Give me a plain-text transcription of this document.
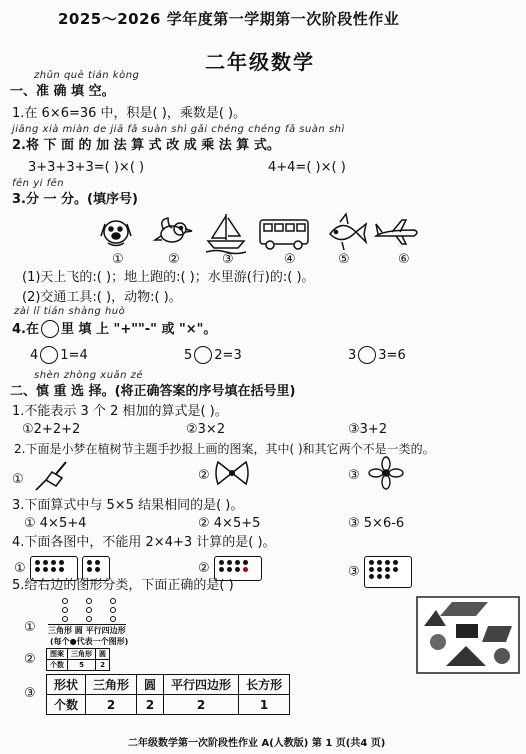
2025～2026 学年度第一学期第一次阶段性作业
二年级数学
zhǔn què tián kòng
一、准 确 填 空。
1.在 6×6=36 中，积是( )，乘数是( )。
jiāng xià miàn de jiā fǎ suàn shì gǎi chéng chéng fǎ suàn shì
2.将 下 面 的 加 法 算 式 改 成 乘 法 算 式。
3+3+3+3=( )×( )	4+4=( )×( )
fēn yi fēn
3.分 一 分。(填序号)
①	②	③	④	⑤	⑥
(1)天上飞的:( )；地上跑的:( )；水里游(行)的:( )。
(2)交通工具:( )，动物:( )。
zài lǐ tián shàng huò
4.在 里 填 上 "+""-" 或 "×"。
4 1=4	5 2=3	3 3=6
shèn zhòng xuǎn zé
二、慎 重 选 择。(将正确答案的序号填在括号里)
1.不能表示 3 个 2 相加的算式是( )。
①2+2+2	②3×2	③3+2
2.下面是小梦在植树节主题手抄报上画的图案，其中( )和其它两个不是一类的。
①	②	③
3.下面算式中与 5×5 结果相同的是( )。
① 4×5+4	② 4×5+5	③ 5×6-6
4.下面各图中，不能用 2×4+3 计算的是( )。
①
	②	③

5.给右边的图形分类，下面正确的是( )
① 三角形 圆 平行四边形
(每个●代表一个图形)
② 图案	三角形	圆
个数	5	2
③
形状	三角形	圆	平行四边形	长方形
个数	2	2	2	1
二年级数学第一次阶段性作业 A(人教版) 第 1 页(共4 页)
